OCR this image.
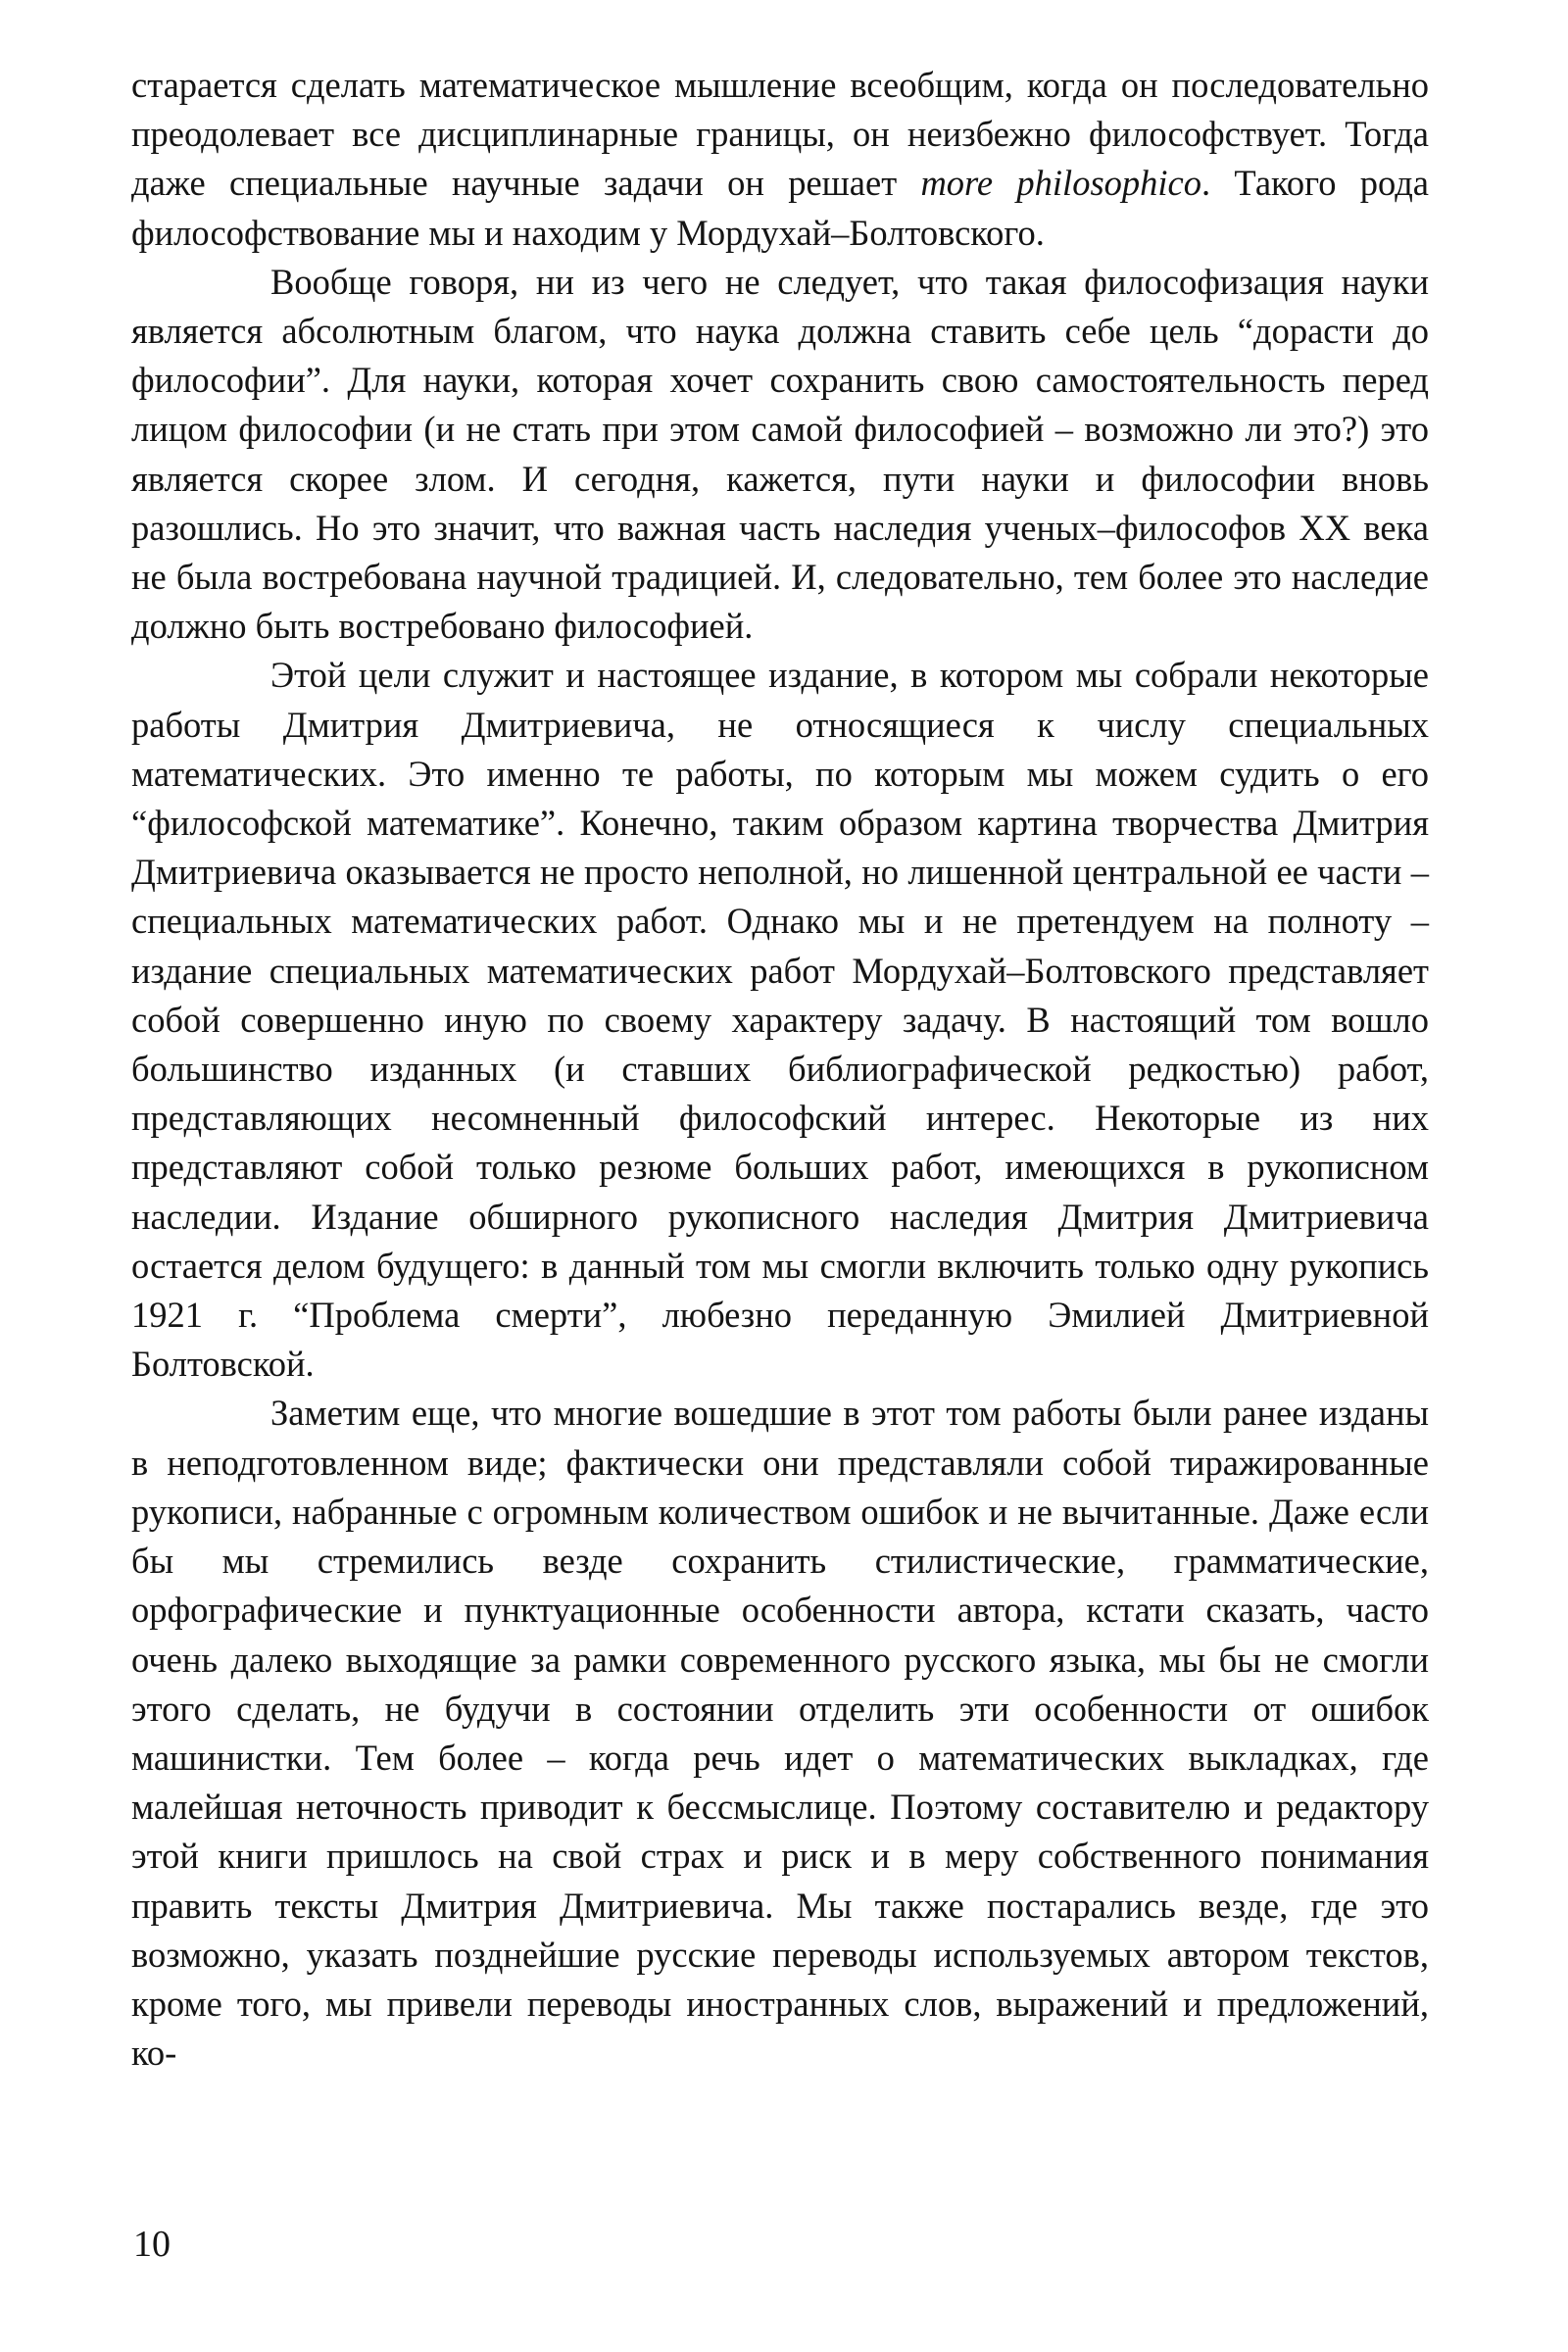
старается сделать математическое мышление всеобщим, когда он последовательно преодолевает все дисциплинарные границы, он неизбежно философствует. Тогда даже специальные научные задачи он решает more philosophico. Такого рода философствование мы и находим у Мордухай–Болтовского.

Вообще говоря, ни из чего не следует, что такая философизация науки является абсолютным благом, что наука должна ставить себе цель “дорасти до философии”. Для науки, которая хочет сохранить свою самостоятельность перед лицом философии (и не стать при этом самой философией – возможно ли это?) это является скорее злом. И сегодня, кажется, пути науки и философии вновь разошлись. Но это значит, что важная часть наследия ученых–философов XX века не была востребована научной традицией. И, следовательно, тем более это наследие должно быть востребовано философией.

Этой цели служит и настоящее издание, в котором мы собрали некоторые работы Дмитрия Дмитриевича, не относящиеся к числу специальных математических. Это именно те работы, по которым мы можем судить о его “философской математике”. Конечно, таким образом картина творчества Дмитрия Дмитриевича оказывается не просто неполной, но лишенной центральной ее части – специальных математических работ. Однако мы и не претендуем на полноту – издание специальных математических работ Мордухай–Болтовского представляет собой совершенно иную по своему характеру задачу. В настоящий том вошло большинство изданных (и ставших библиографической редкостью) работ, представляющих несомненный философский интерес. Некоторые из них представляют собой только резюме больших работ, имеющихся в рукописном наследии. Издание обширного рукописного наследия Дмитрия Дмитриевича остается делом будущего: в данный том мы смогли включить только одну рукопись 1921 г. “Проблема смерти”, любезно переданную Эмилией Дмитриевной Болтовской.

Заметим еще, что многие вошедшие в этот том работы были ранее изданы в неподготовленном виде; фактически они представляли собой тиражированные рукописи, набранные с огромным количеством ошибок и не вычитанные. Даже если бы мы стремились везде сохранить стилистические, грамматические, орфографические и пунктуационные особенности автора, кстати сказать, часто очень далеко выходящие за рамки современного русского языка, мы бы не смогли этого сделать, не будучи в состоянии отделить эти особенности от ошибок машинистки. Тем более – когда речь идет о математических выкладках, где малейшая неточность приводит к бессмыслице. Поэтому составителю и редактору этой книги пришлось на свой страх и риск и в меру собственного понимания править тексты Дмитрия Дмитриевича. Мы также постарались везде, где это возможно, указать позднейшие русские переводы используемых автором текстов, кроме того, мы привели переводы иностранных слов, выражений и предложений, ко-

10
